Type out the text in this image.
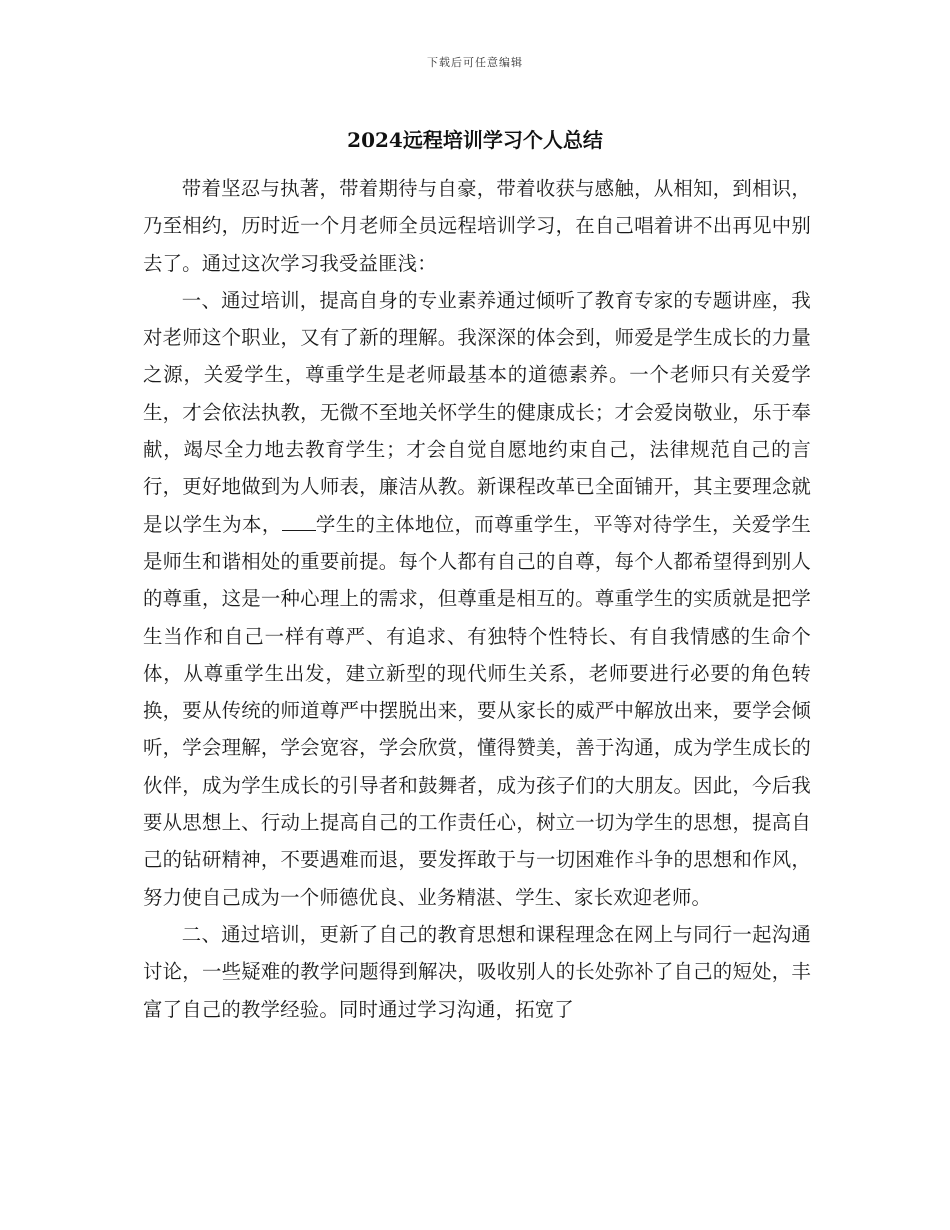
下载后可任意编辑
2024远程培训学习个人总结

带着坚忍与执著，带着期待与自豪，带着收获与感触，从相知，到相识，乃至相约，历时近一个月老师全员远程培训学习，在自己唱着讲不出再见中别去了。通过这次学习我受益匪浅：

一、通过培训，提高自身的专业素养通过倾听了教育专家的专题讲座，我对老师这个职业，又有了新的理解。我深深的体会到，师爱是学生成长的力量之源，关爱学生，尊重学生是老师最基本的道德素养。一个老师只有关爱学生，才会依法执教，无微不至地关怀学生的健康成长；才会爱岗敬业，乐于奉献，竭尽全力地去教育学生；才会自觉自愿地约束自己，法律规范自己的言行，更好地做到为人师表，廉洁从教。新课程改革已全面铺开，其主要理念就是以学生为本， 学生的主体地位，而尊重学生，平等对待学生，关爱学生是师生和谐相处的重要前提。每个人都有自己的自尊，每个人都希望得到别人的尊重，这是一种心理上的需求，但尊重是相互的。尊重学生的实质就是把学生当作和自己一样有尊严、有追求、有独特个性特长、有自我情感的生命个体，从尊重学生出发，建立新型的现代师生关系，老师要进行必要的角色转换，要从传统的师道尊严中摆脱出来，要从家长的威严中解放出来，要学会倾听，学会理解，学会宽容，学会欣赏，懂得赞美，善于沟通，成为学生成长的伙伴，成为学生成长的引导者和鼓舞者，成为孩子们的大朋友。因此，今后我要从思想上、行动上提高自己的工作责任心，树立一切为学生的思想，提高自己的钻研精神，不要遇难而退，要发挥敢于与一切困难作斗争的思想和作风，努力使自己成为一个师德优良、业务精湛、学生、家长欢迎老师。

二、通过培训，更新了自己的教育思想和课程理念在网上与同行一起沟通讨论，一些疑难的教学问题得到解决，吸收别人的长处弥补了自己的短处，丰富了自己的教学经验。同时通过学习沟通，拓宽了
